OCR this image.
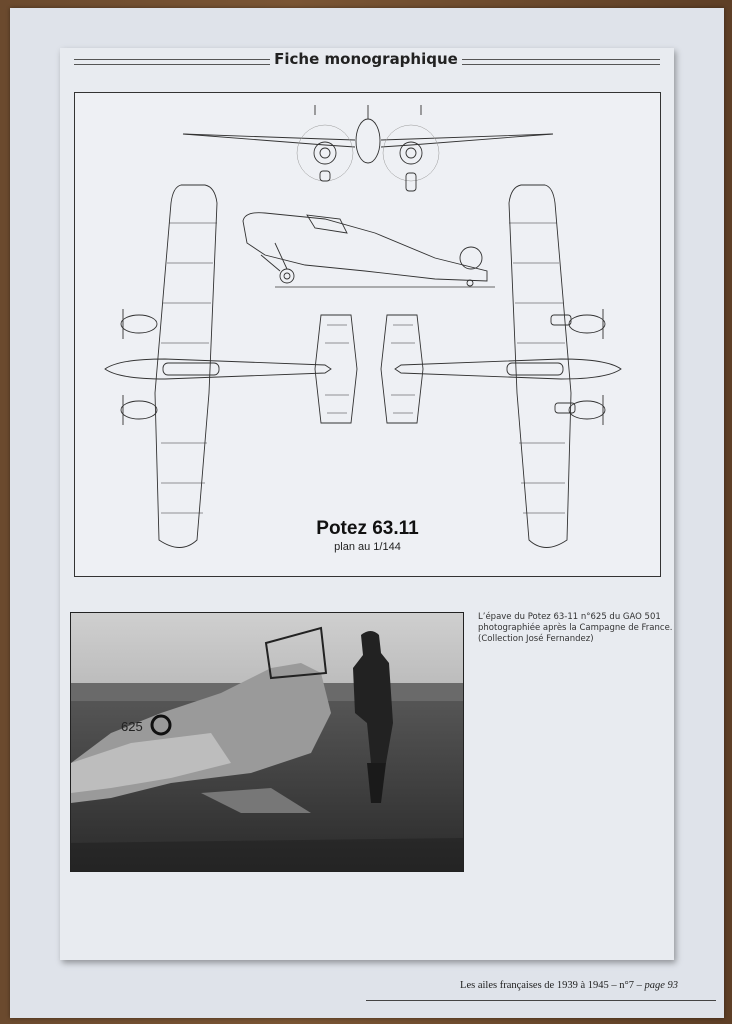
Fiche monographique
Potez 63.11
plan au 1/144
625
L’épave du Potez 63-11 n°625 du GAO 501
photographiée après la Campagne de France.
(Collection José Fernandez)
Les ailes françaises de 1939 à 1945 – n°7 – page 93
